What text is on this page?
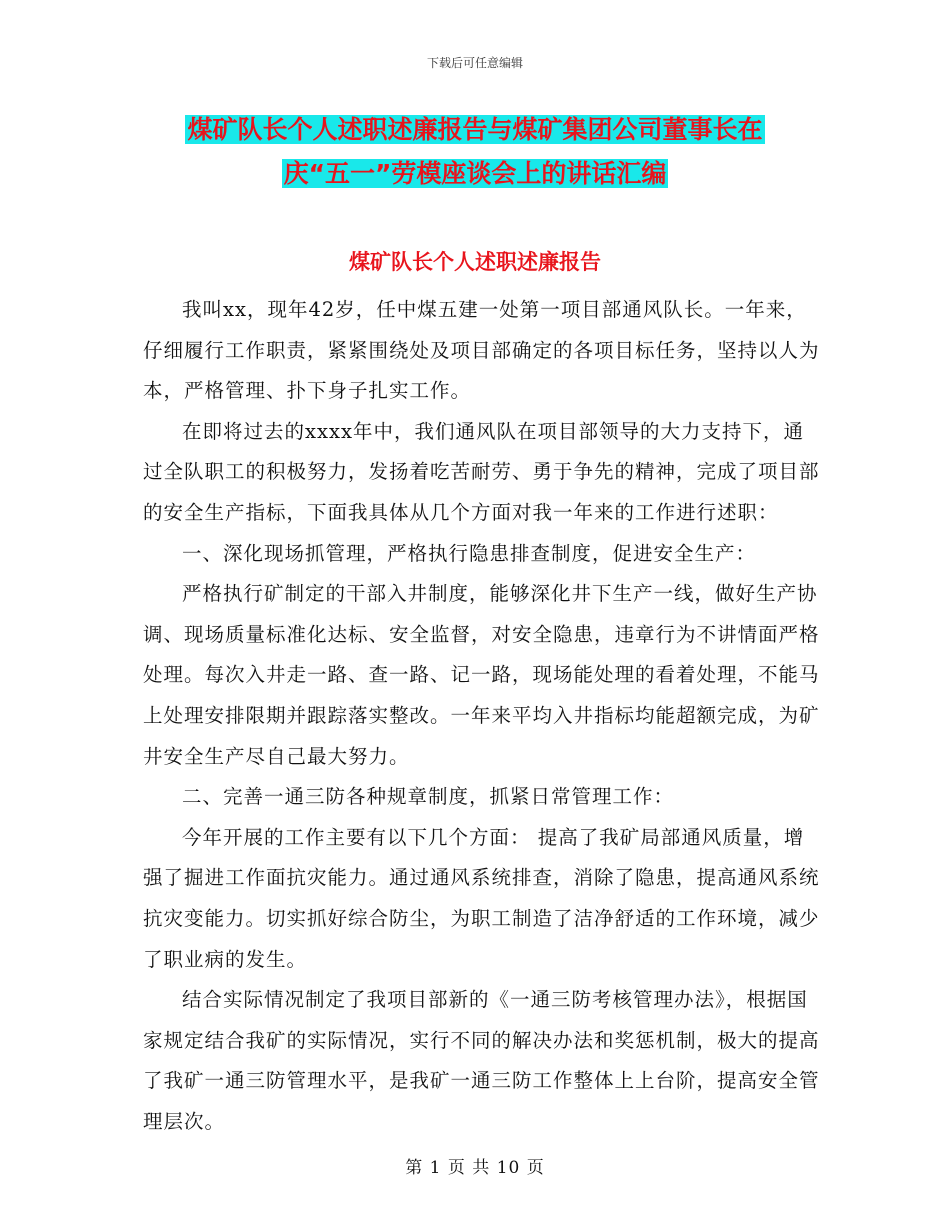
下载后可任意编辑
煤矿队长个人述职述廉报告与煤矿集团公司董事长在
庆“五一”劳模座谈会上的讲话汇编
煤矿队长个人述职述廉报告

我叫xx，现年42岁，任中煤五建一处第一项目部通风队长。一年来，仔细履行工作职责，紧紧围绕处及项目部确定的各项目标任务，坚持以人为本，严格管理、扑下身子扎实工作。

在即将过去的xxxx年中，我们通风队在项目部领导的大力支持下，通过全队职工的积极努力，发扬着吃苦耐劳、勇于争先的精神，完成了项目部的安全生产指标，下面我具体从几个方面对我一年来的工作进行述职：

一、深化现场抓管理，严格执行隐患排查制度，促进安全生产：

严格执行矿制定的干部入井制度，能够深化井下生产一线，做好生产协调、现场质量标准化达标、安全监督，对安全隐患，违章行为不讲情面严格处理。每次入井走一路、查一路、记一路，现场能处理的看着处理，不能马上处理安排限期并跟踪落实整改。一年来平均入井指标均能超额完成，为矿井安全生产尽自己最大努力。

二、完善一通三防各种规章制度，抓紧日常管理工作：

今年开展的工作主要有以下几个方面： 提高了我矿局部通风质量，增强了掘进工作面抗灾能力。通过通风系统排查，消除了隐患，提高通风系统抗灾变能力。切实抓好综合防尘，为职工制造了洁净舒适的工作环境，减少了职业病的发生。

结合实际情况制定了我项目部新的《一通三防考核管理办法》，根据国家规定结合我矿的实际情况，实行不同的解决办法和奖惩机制，极大的提高了我矿一通三防管理水平，是我矿一通三防工作整体上上台阶，提高安全管理层次。

第 1 页 共 10 页
